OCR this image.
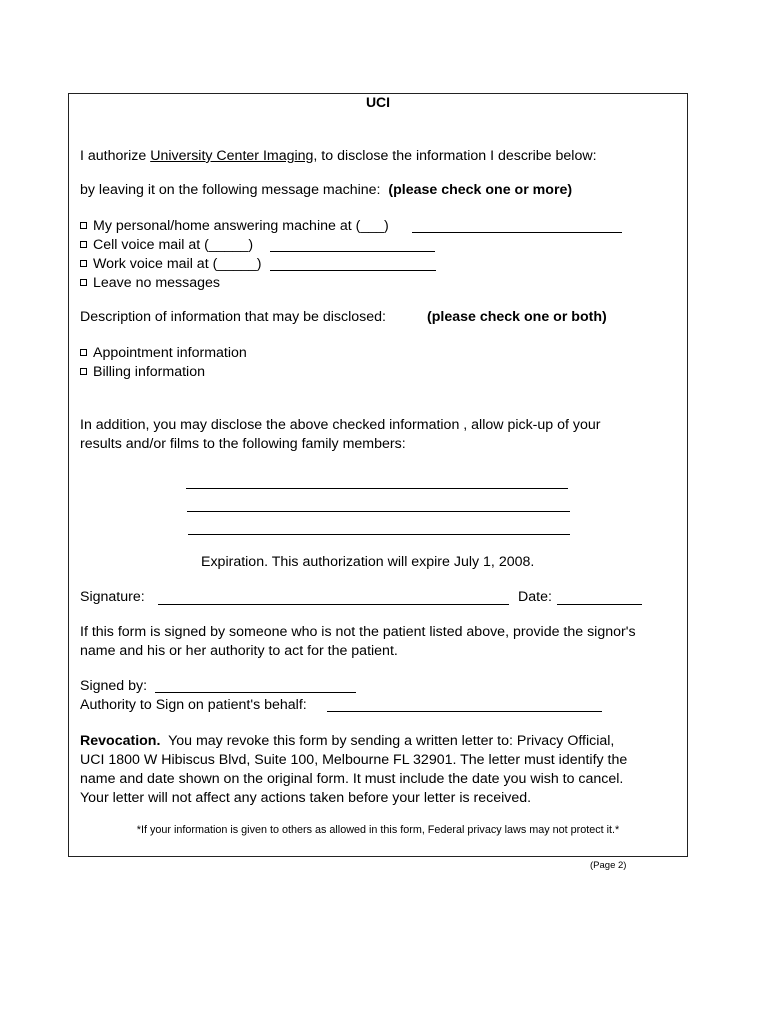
UCI
I authorize University Center Imaging, to disclose the information I describe below:
by leaving it on the following message machine: (please check one or more)
My personal/home answering machine at (___)
Cell voice mail at (_____)
Work voice mail at (_____)
Leave no messages
Description of information that may be disclosed:	(please check one or both)
Appointment information
Billing information
In addition, you may disclose the above checked information , allow pick-up of your
results and/or films to the following family members:
Expiration. This authorization will expire July 1, 2008.
Signature:	Date:
If this form is signed by someone who is not the patient listed above, provide the signor's
name and his or her authority to act for the patient.
Signed by:
Authority to Sign on patient's behalf:
Revocation. You may revoke this form by sending a written letter to: Privacy Official,
UCI 1800 W Hibiscus Blvd, Suite 100, Melbourne FL 32901. The letter must identify the
name and date shown on the original form. It must include the date you wish to cancel.
Your letter will not affect any actions taken before your letter is received.
*If your information is given to others as allowed in this form, Federal privacy laws may not protect it.*
(Page 2)
